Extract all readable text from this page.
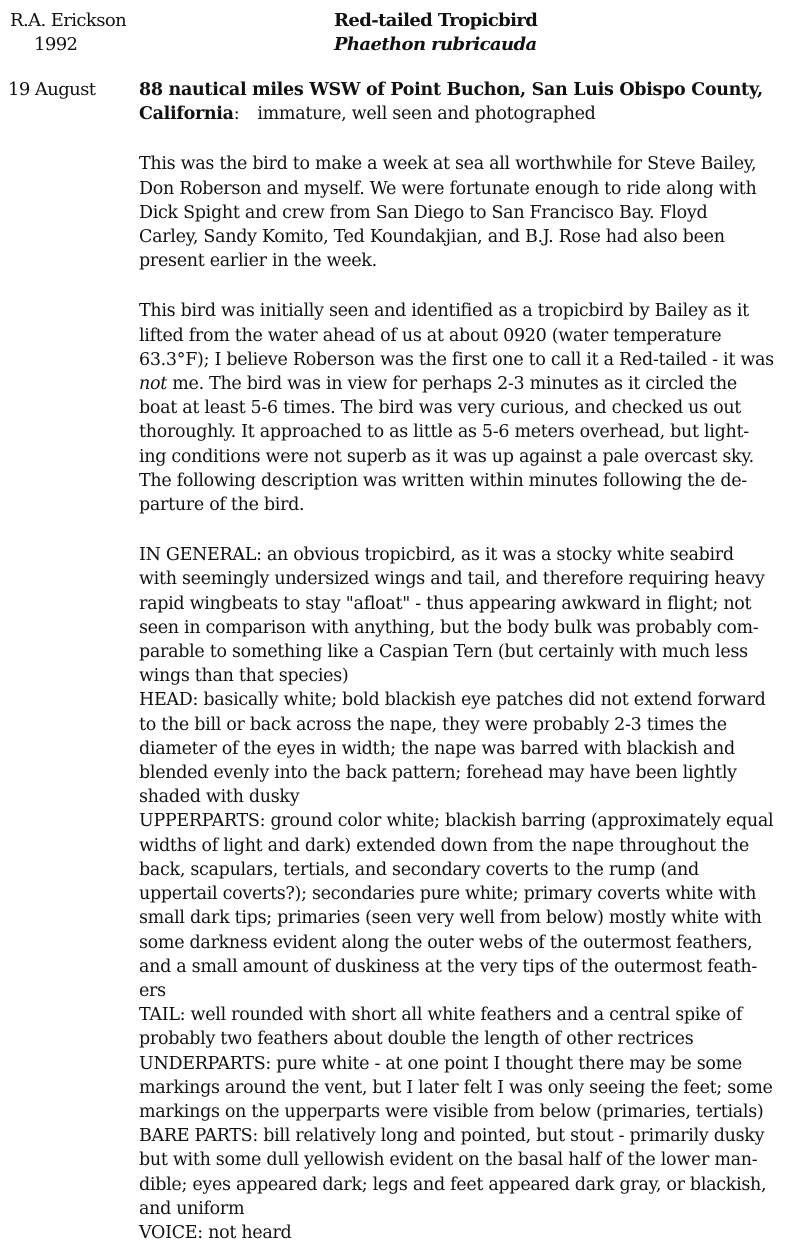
R.A. Erickson
1992
Red-tailed Tropicbird
Phaethon rubricauda
19 August 88 nautical miles WSW of Point Buchon, San Luis Obispo County,
California: immature, well seen and photographed

This was the bird to make a week at sea all worthwhile for Steve Bailey,
Don Roberson and myself. We were fortunate enough to ride along with
Dick Spight and crew from San Diego to San Francisco Bay. Floyd
Carley, Sandy Komito, Ted Koundakjian, and B.J. Rose had also been
present earlier in the week.

This bird was initially seen and identified as a tropicbird by Bailey as it
lifted from the water ahead of us at about 0920 (water temperature
63.3°F); I believe Roberson was the first one to call it a Red-tailed - it was
not me. The bird was in view for perhaps 2-3 minutes as it circled the
boat at least 5-6 times. The bird was very curious, and checked us out
thoroughly. It approached to as little as 5-6 meters overhead, but light-
ing conditions were not superb as it was up against a pale overcast sky.
The following description was written within minutes following the de-
parture of the bird.

IN GENERAL: an obvious tropicbird, as it was a stocky white seabird
with seemingly undersized wings and tail, and therefore requiring heavy
rapid wingbeats to stay "afloat" - thus appearing awkward in flight; not
seen in comparison with anything, but the body bulk was probably com-
parable to something like a Caspian Tern (but certainly with much less
wings than that species)
HEAD: basically white; bold blackish eye patches did not extend forward
to the bill or back across the nape, they were probably 2-3 times the
diameter of the eyes in width; the nape was barred with blackish and
blended evenly into the back pattern; forehead may have been lightly
shaded with dusky
UPPERPARTS: ground color white; blackish barring (approximately equal
widths of light and dark) extended down from the nape throughout the
back, scapulars, tertials, and secondary coverts to the rump (and
uppertail coverts?); secondaries pure white; primary coverts white with
small dark tips; primaries (seen very well from below) mostly white with
some darkness evident along the outer webs of the outermost feathers,
and a small amount of duskiness at the very tips of the outermost feath-
ers
TAIL: well rounded with short all white feathers and a central spike of
probably two feathers about double the length of other rectrices
UNDERPARTS: pure white - at one point I thought there may be some
markings around the vent, but I later felt I was only seeing the feet; some
markings on the upperparts were visible from below (primaries, tertials)
BARE PARTS: bill relatively long and pointed, but stout - primarily dusky
but with some dull yellowish evident on the basal half of the lower man-
dible; eyes appeared dark; legs and feet appeared dark gray, or blackish,
and uniform
VOICE: not heard
